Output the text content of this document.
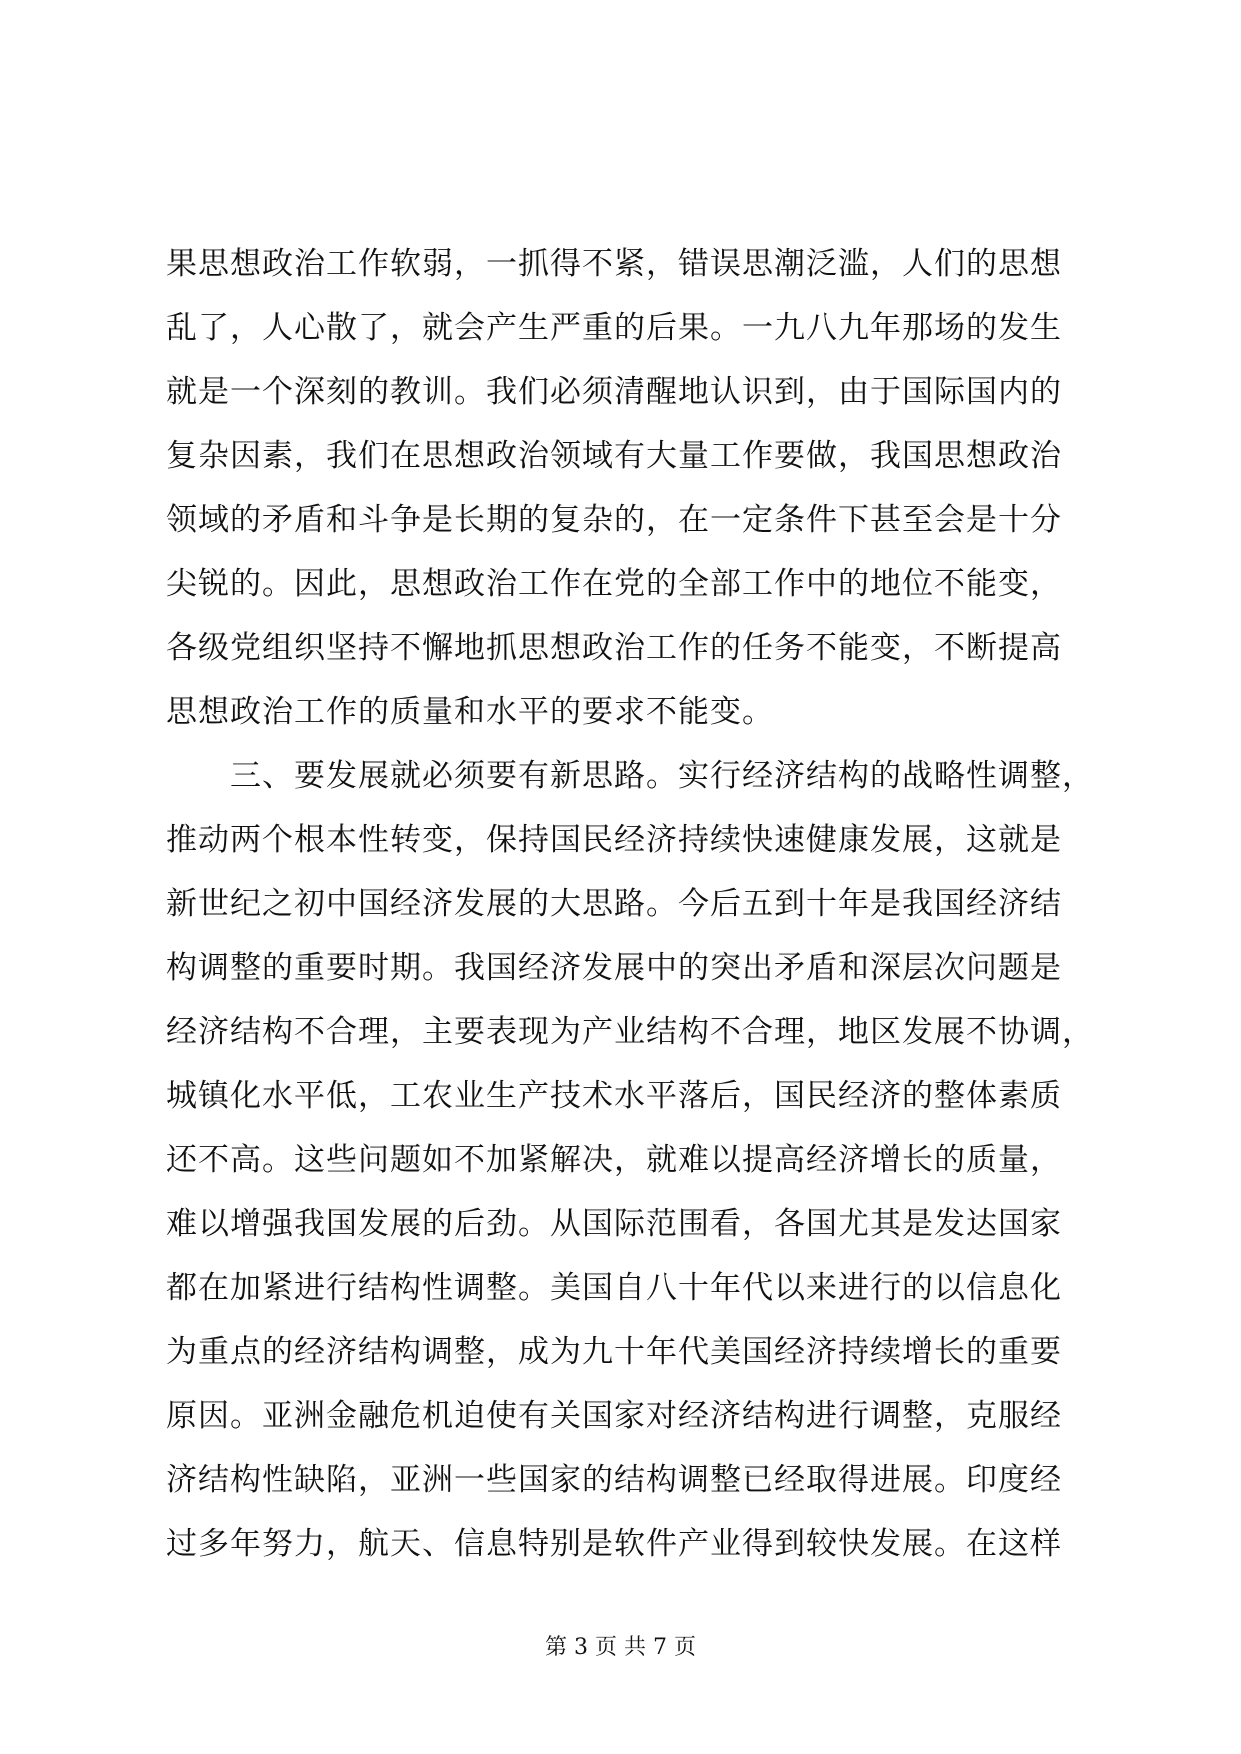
果思想政治工作软弱，一抓得不紧，错误思潮泛滥，人们的思想
乱了，人心散了，就会产生严重的后果。一九八九年那场的发生
就是一个深刻的教训。我们必须清醒地认识到，由于国际国内的
复杂因素，我们在思想政治领域有大量工作要做，我国思想政治
领域的矛盾和斗争是长期的复杂的，在一定条件下甚至会是十分
尖锐的。因此，思想政治工作在党的全部工作中的地位不能变，
各级党组织坚持不懈地抓思想政治工作的任务不能变，不断提高
思想政治工作的质量和水平的要求不能变。
三、要发展就必须要有新思路。实行经济结构的战略性调整，
推动两个根本性转变，保持国民经济持续快速健康发展，这就是
新世纪之初中国经济发展的大思路。今后五到十年是我国经济结
构调整的重要时期。我国经济发展中的突出矛盾和深层次问题是
经济结构不合理，主要表现为产业结构不合理，地区发展不协调，
城镇化水平低，工农业生产技术水平落后，国民经济的整体素质
还不高。这些问题如不加紧解决，就难以提高经济增长的质量，
难以增强我国发展的后劲。从国际范围看，各国尤其是发达国家
都在加紧进行结构性调整。美国自八十年代以来进行的以信息化
为重点的经济结构调整，成为九十年代美国经济持续增长的重要
原因。亚洲金融危机迫使有关国家对经济结构进行调整，克服经
济结构性缺陷，亚洲一些国家的结构调整已经取得进展。印度经
过多年努力，航天、信息特别是软件产业得到较快发展。在这样
第 3 页 共 7 页
